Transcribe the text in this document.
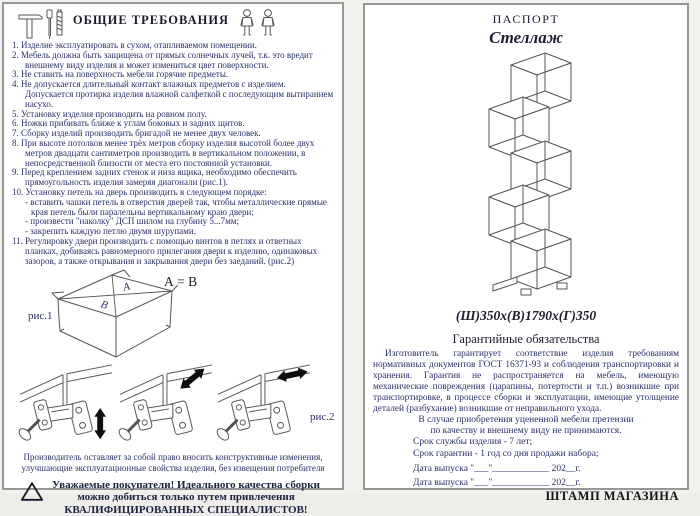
ОБЩИЕ ТРЕБОВАНИЯ
1. Изделие эксплуатировать в сухом, отапливаемом помещении.
2. Мебель должна быть защищена от прямых солнечных лучей, т.к. это вредит внешнему виду изделия и может измениться цвет поверхности.
3. Не ставить на поверхность мебели горячие предметы.
4. Не допускается длительный контакт влажных предметов с изделием.
Допускается протирка изделия влажной салфеткой с последующим вытиранием насухо.
5. Установку изделия производить на ровном полу.
6. Ножки прибивать ближе к углам боковых и задних щитов.
7. Сборку изделий производить бригадой не менее двух человек.
8. При высоте потолков менее трёх метров сборку изделия высотой более двух метров двадцати сантиметров производить в вертикальном положении, в непосредственной близости от места его постоянной установки.
9. Перед креплением задних стенок и низа ящика, необходимо обеспечить прямоугольность изделия замеряя диагонали (рис.1).
10. Установку петель на дверь производить в следующем порядке:
- вставить чашки петель в отверстия дверей так, чтобы металлические прямые края петель были паралельны вертикальному краю двери;
- произвести "наколку" ДСП шилом на глубину 5...7мм;
- закрепить каждую петлю двумя шурупами.
11. Регулировку двери производить с помощью винтов в петлях и ответных планках, добиваясь равномерного прилегания двери к изделию, одинаковых зазоров, а также открывания и закрывания двери без заеданий. (рис.2)
рис.1
А
В
А = В
рис.2
Производитель оставляет за собой право вносить конструктивные изменения,
улучшающие эксплуатационные свойства изделия, без извещения потребителя
Уважаемые покупатели! Идеального качества сборки
можно добиться только путем привлечения
КВАЛИФИЦИРОВАННЫХ СПЕЦИАЛИСТОВ!
ПАСПОРТ
Стеллаж
(Ш)350х(В)1790х(Г)350
Гарантийные обязательства
Изготовитель гарантирует соответствие изделия требованиям нормативных документов ГОСТ 16371-93 и соблюдения транспортировки и хранения. Гарантия не распространяется на мебель, имеющую механические повреждения (царапины, потертости и т.п.) возникшие при транспортировке, в процессе сборки и эксплуатации, имеющие утолщение деталей (разбухание) возникшие от неправильного ухода.
В случае приобретения уцененной мебели претензии
по качеству и внешнему виду не принимаются.
Срок службы изделия - 7 лет;
Срок гарантии - 1 год со дня продажи набора;
Дата выпуска "___"____________ 202__г.
Дата выпуска "___"____________ 202__г.
ШТАМП МАГАЗИНА
